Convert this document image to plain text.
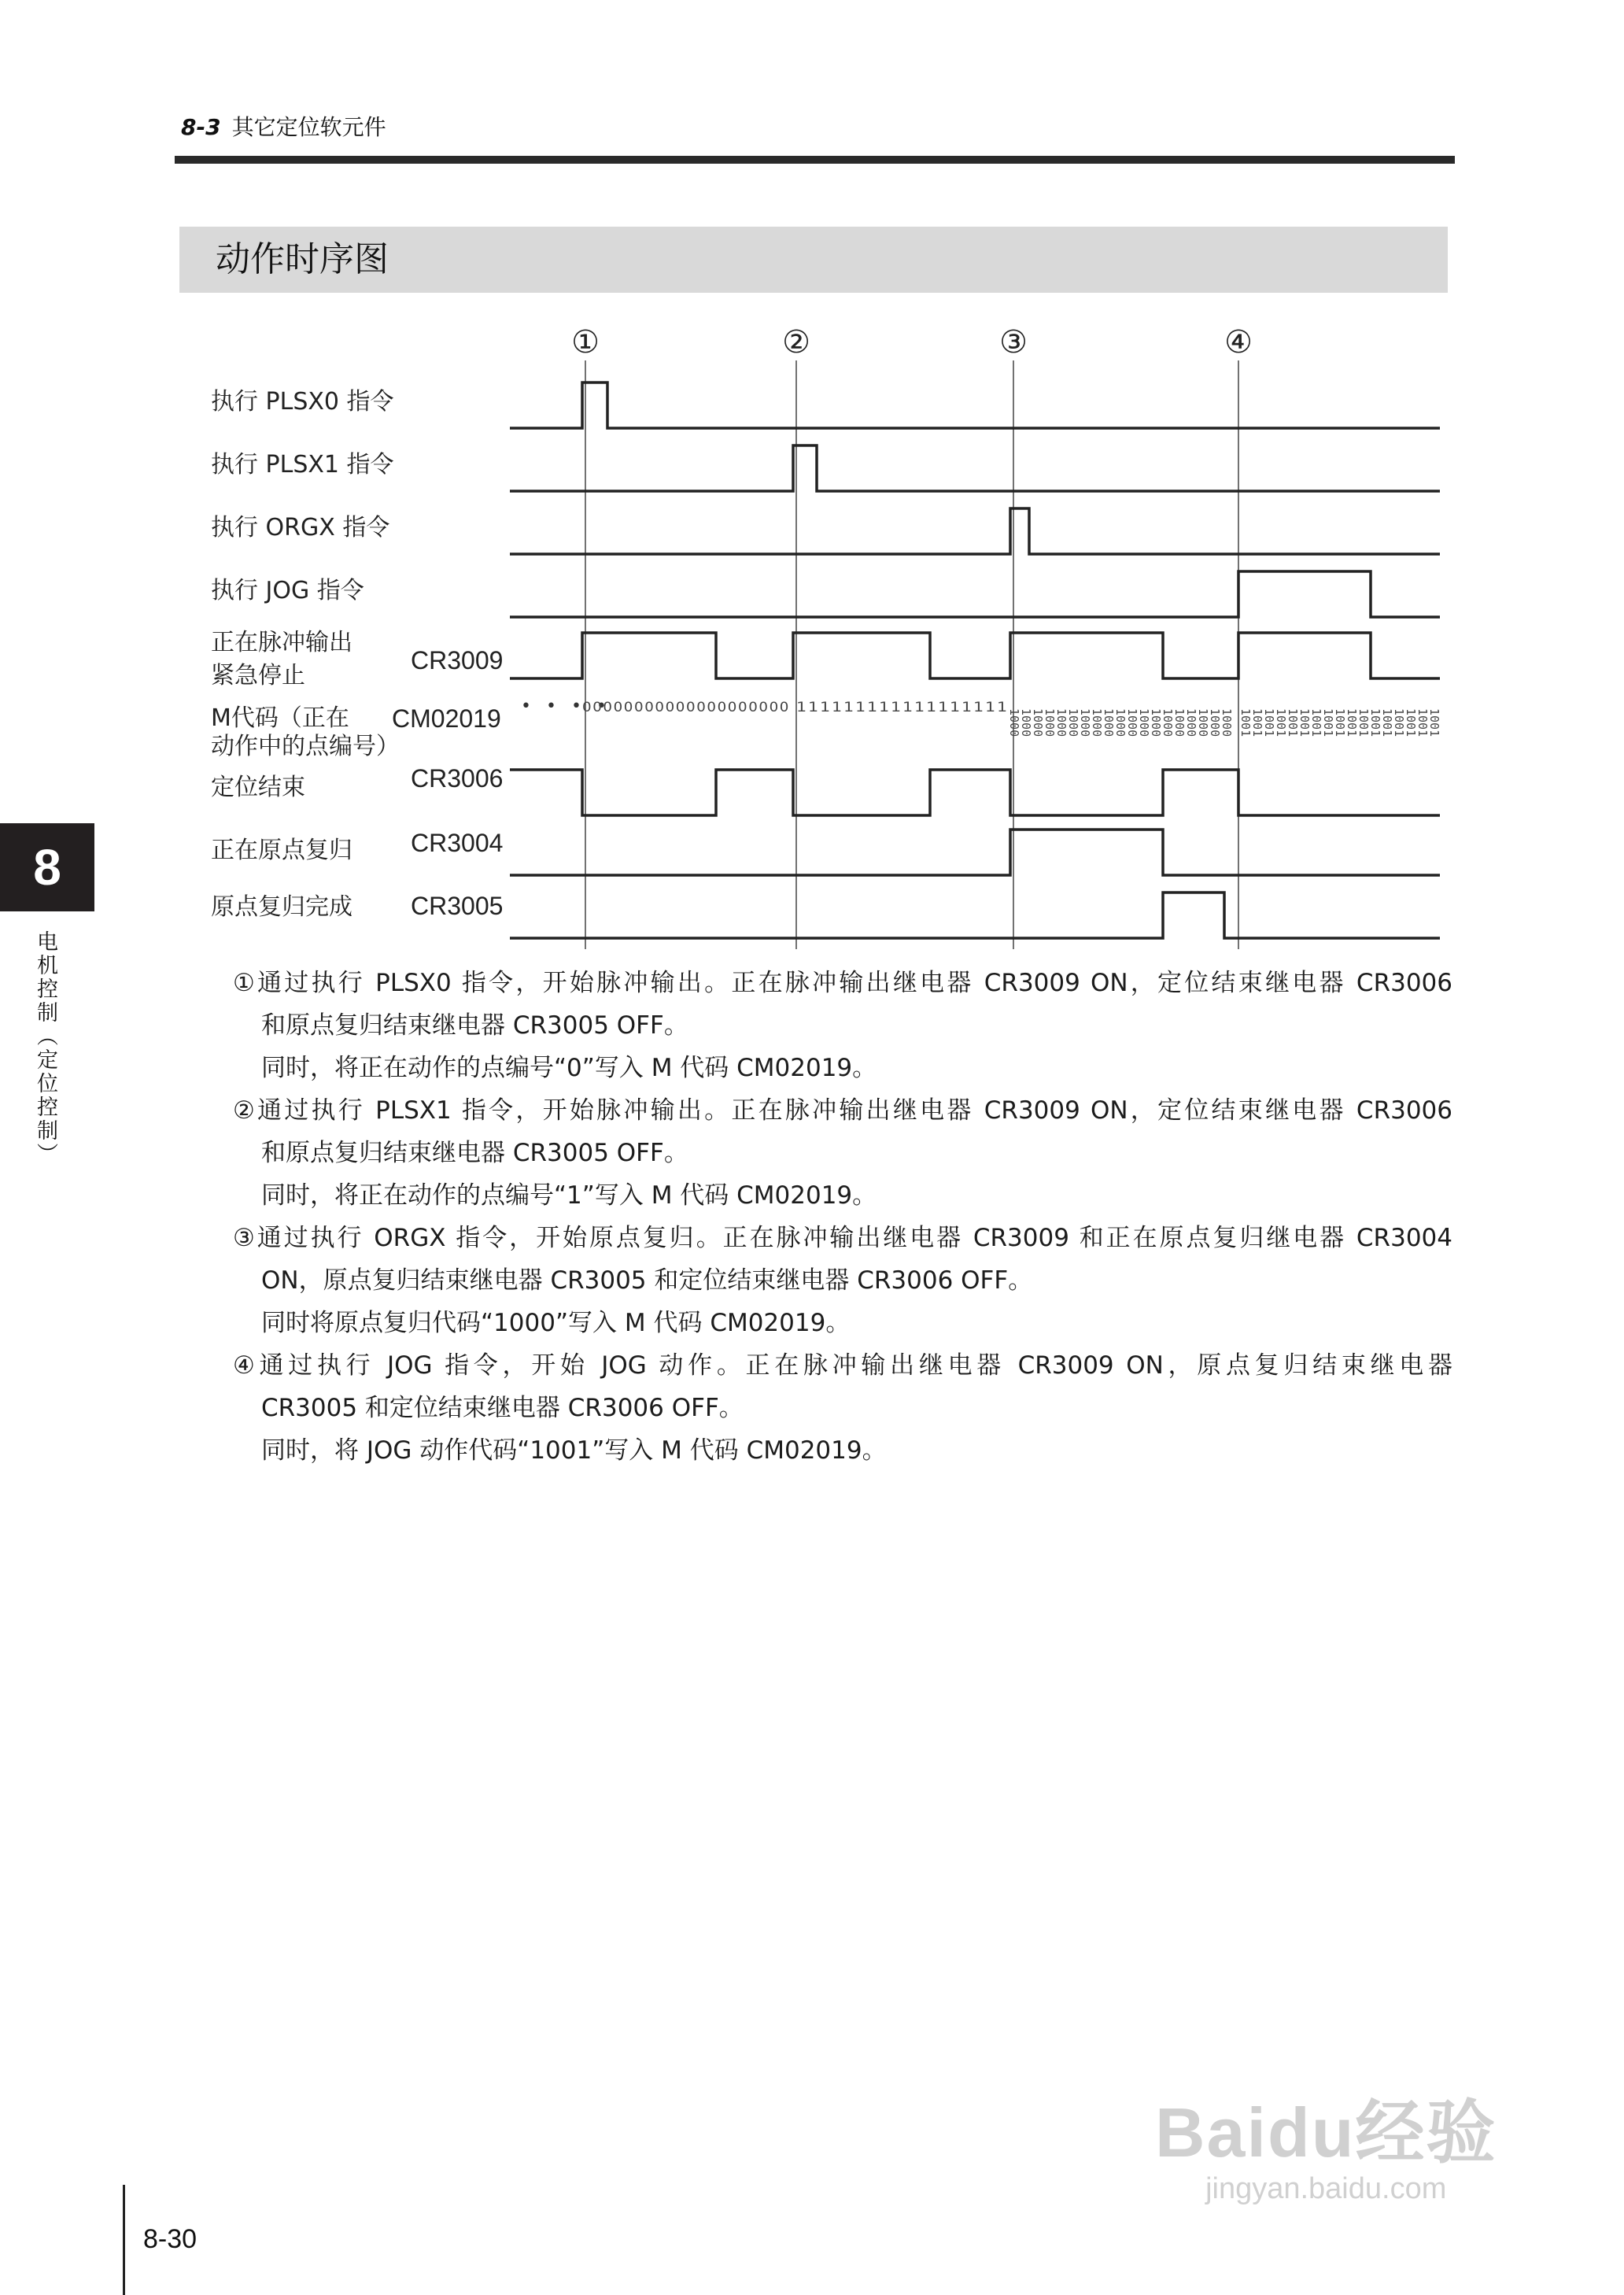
8-3 其它定位软元件
动作时序图
①	②	③	④
执行 PLSX0 指令
执行 PLSX1 指令
执行 ORGX 指令
执行 JOG 指令
正在脉冲输出
紧急停止
CR3009
M代码（正在
动作中的点编号）
CM02019
定位结束	CR3006
正在原点复归 CR3004
原点复归完成 CR3005
• • • •
00000000000000000000 111111111111111111
1000
1000
1000
1000
1000
1000
1000
1000
1000
1000
1000
1000
1000
1000
1000
1000
1000
1000
1000 1001
1001
1001
1001
1001
1001
1001
1001
1001
1001
1001
1001
1001
1001
1001
1001
1001
①通过执行 PLSX0 指令，开始脉冲输出。正在脉冲输出继电器 CR3009 ON，定位结束继电器 CR3006
和原点复归结束继电器 CR3005 OFF。
同时，将正在动作的点编号“0”写入 M 代码 CM02019。
②通过执行 PLSX1 指令，开始脉冲输出。正在脉冲输出继电器 CR3009 ON，定位结束继电器 CR3006
和原点复归结束继电器 CR3005 OFF。
同时，将正在动作的点编号“1”写入 M 代码 CM02019。
③通过执行 ORGX 指令，开始原点复归。正在脉冲输出继电器 CR3009 和正在原点复归继电器 CR3004
ON，原点复归结束继电器 CR3005 和定位结束继电器 CR3006 OFF。
同时将原点复归代码“1000”写入 M 代码 CM02019。
④通过执行 JOG 指令，开始 JOG 动作。正在脉冲输出继电器 CR3009 ON，原点复归结束继电器
CR3005 和定位结束继电器 CR3006 OFF。
同时，将 JOG 动作代码“1001”写入 M 代码 CM02019。
8
电机控制（定位控制）
8-30
Baidu经验
jingyan.baidu.com
